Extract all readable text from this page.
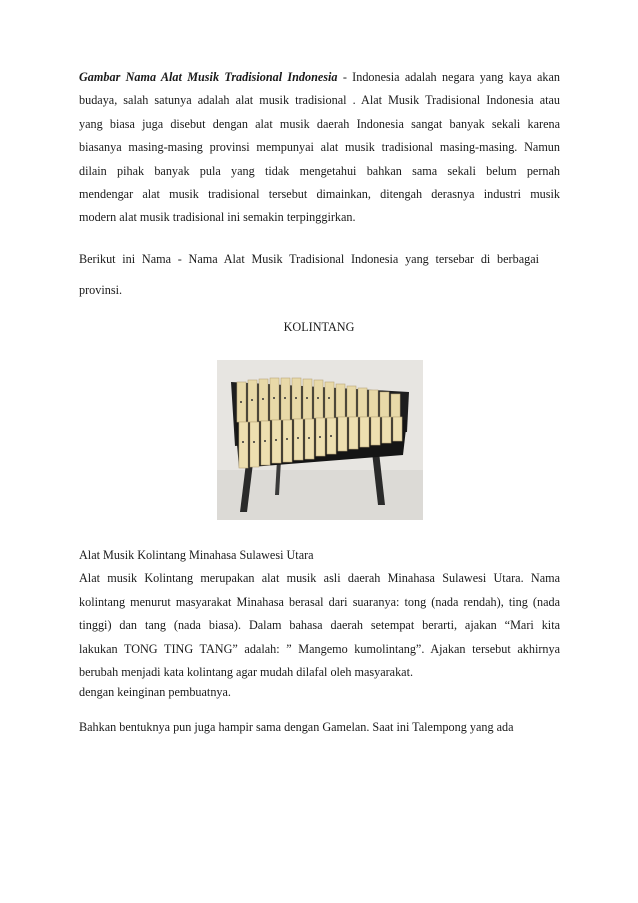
Gambar Nama Alat Musik Tradisional Indonesia - Indonesia adalah negara yang kaya akan
budaya, salah satunya adalah alat musik tradisional . Alat Musik Tradisional Indonesia atau
yang biasa juga disebut dengan alat musik daerah Indonesia sangat banyak sekali karena
biasanya masing-masing provinsi mempunyai alat musik tradisional masing-masing. Namun
dilain pihak banyak pula yang tidak mengetahui bahkan sama sekali belum pernah
mendengar alat musik tradisional tersebut dimainkan, ditengah derasnya industri musik
modern alat musik tradisional ini semakin terpinggirkan.

Berikut ini Nama - Nama Alat Musik Tradisional Indonesia yang tersebar di berbagai
provinsi.

KOLINTANG

Alat Musik Kolintang Minahasa Sulawesi Utara
Alat musik Kolintang merupakan alat musik asli daerah Minahasa Sulawesi Utara. Nama
kolintang menurut masyarakat Minahasa berasal dari suaranya: tong (nada rendah), ting (nada
tinggi) dan tang (nada biasa). Dalam bahasa daerah setempat berarti, ajakan “Mari kita
lakukan TONG TING TANG” adalah: ” Mangemo kumolintang”. Ajakan tersebut akhirnya
berubah menjadi kata kolintang agar mudah dilafal oleh masyarakat.
dengan keinginan pembuatnya.

Bahkan bentuknya pun juga hampir sama dengan Gamelan. Saat ini Talempong yang ada
